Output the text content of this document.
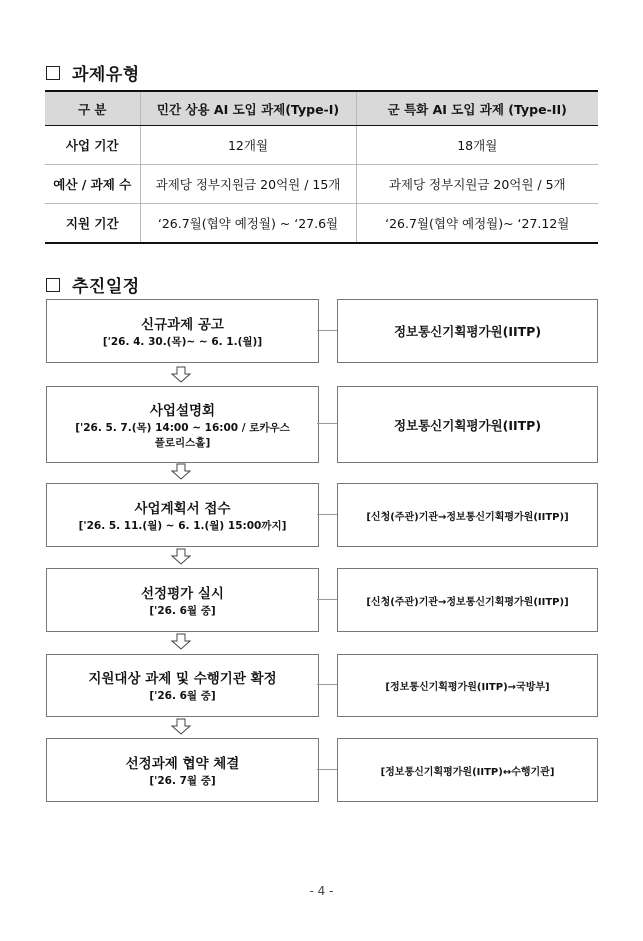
과제유형
구 분	민간 상용 AI 도입 과제(Type-I)	군 특화 AI 도입 과제 (Type-II)
사업 기간	12개월	18개월
예산 / 과제 수	과제당 정부지원금 20억원 / 15개	과제당 정부지원금 20억원 / 5개
지원 기간	‘26.7월(협약 예정월) ~ ‘27.6월	‘26.7월(협약 예정월)~ ‘27.12월
추진일정
신규과제 공고
['26. 4. 30.(목)~ ~ 6. 1.(월)]
정보통신기획평가원(IITP)
사업설명회
['26. 5. 7.(목) 14:00 ~ 16:00 / 로카우스
플로리스홀]
정보통신기획평가원(IITP)
사업계획서 접수
['26. 5. 11.(월) ~ 6. 1.(월) 15:00까지]
[신청(주관)기관→정보통신기획평가원(IITP)]
선정평가 실시
['26. 6월 중]
[신청(주관)기관→정보통신기획평가원(IITP)]
지원대상 과제 및 수행기관 확정
['26. 6월 중]
[정보통신기획평가원(IITP)→국방부]
선정과제 협약 체결
['26. 7월 중]
[정보통신기획평가원(IITP)↔수행기관]
- 4 -
